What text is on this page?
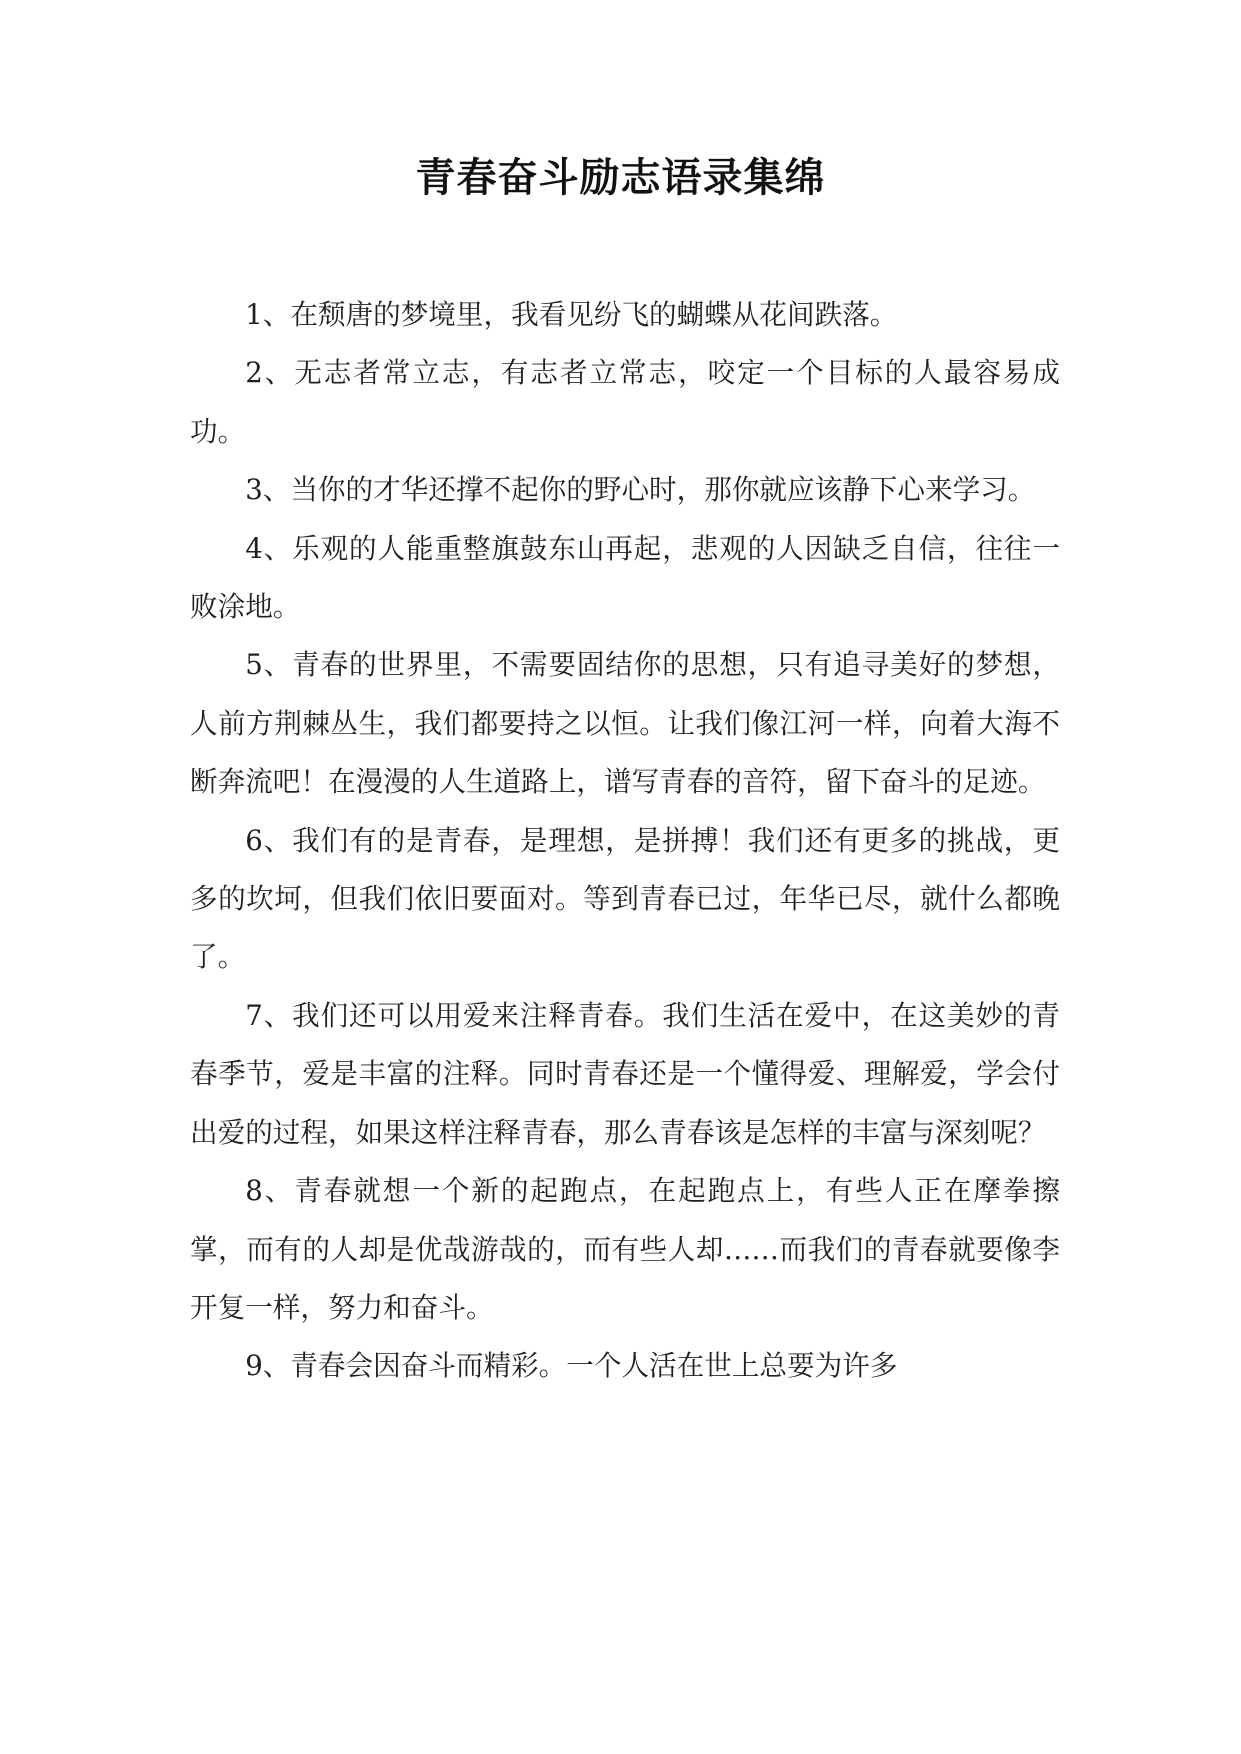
青春奋斗励志语录集绵

1、在颓唐的梦境里，我看见纷飞的蝴蝶从花间跌落。

2、无志者常立志，有志者立常志，咬定一个目标的人最容易成功。

3、当你的才华还撑不起你的野心时，那你就应该静下心来学习。

4、乐观的人能重整旗鼓东山再起，悲观的人因缺乏自信，往往一败涂地。

5、青春的世界里，不需要固结你的思想，只有追寻美好的梦想，人前方荆棘丛生，我们都要持之以恒。让我们像江河一样，向着大海不断奔流吧！在漫漫的人生道路上，谱写青春的音符，留下奋斗的足迹。

6、我们有的是青春，是理想，是拼搏！我们还有更多的挑战，更多的坎坷，但我们依旧要面对。等到青春已过，年华已尽，就什么都晚了。

7、我们还可以用爱来注释青春。我们生活在爱中，在这美妙的青春季节，爱是丰富的注释。同时青春还是一个懂得爱、理解爱，学会付出爱的过程，如果这样注释青春，那么青春该是怎样的丰富与深刻呢？

8、青春就想一个新的起跑点，在起跑点上，有些人正在摩拳擦掌，而有的人却是优哉游哉的，而有些人却……而我们的青春就要像李开复一样，努力和奋斗。

9、青春会因奋斗而精彩。一个人活在世上总要为许多
